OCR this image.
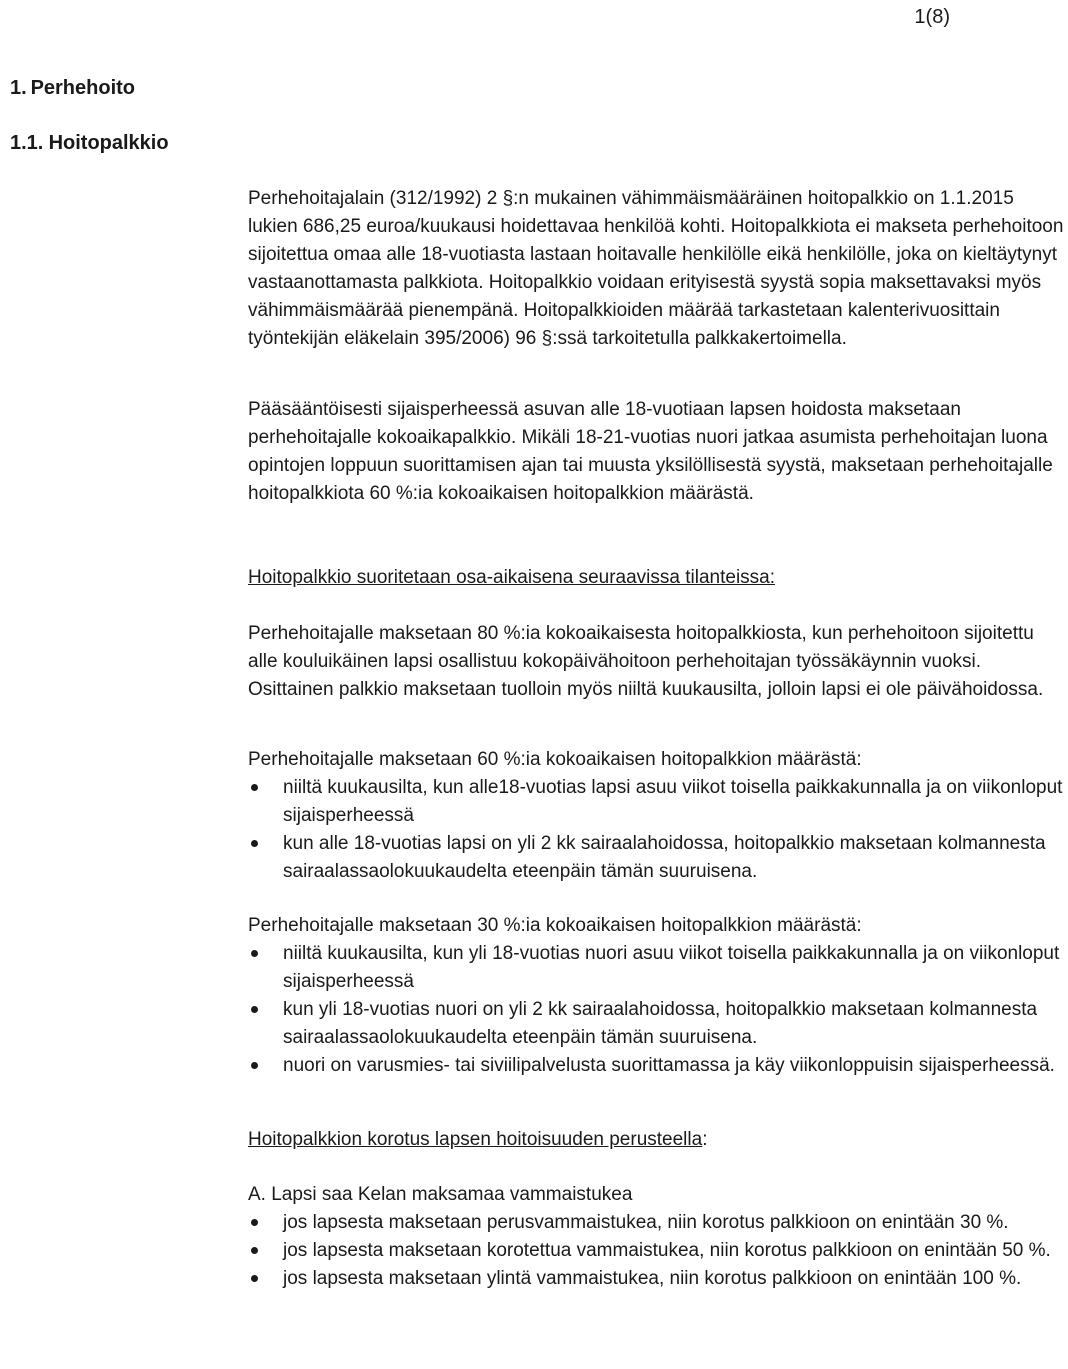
1(8)
1. Perhehoito
1.1. Hoitopalkkio
Perhehoitajalain (312/1992) 2 §:n mukainen vähimmäismääräinen hoitopalkkio on 1.1.2015 lukien 686,25 euroa/kuukausi hoidettavaa henkilöä kohti. Hoitopalkkiota ei makseta perhehoitoon sijoitettua omaa alle 18-vuotiasta lastaan hoitavalle henkilölle eikä henkilölle, joka on kieltäytynyt vastaanottamasta palkkiota. Hoitopalkkio voidaan erityisestä syystä sopia maksettavaksi myös vähimmäismäärää pienempänä. Hoitopalkkioiden määrää tarkastetaan kalenterivuosittain työntekijän eläkelain 395/2006) 96 §:ssä tarkoitetulla palkkakertoimella.
Pääsääntöisesti sijaisperheessä asuvan alle 18-vuotiaan lapsen hoidosta maksetaan perhehoitajalle kokoaikapalkkio. Mikäli 18-21-vuotias nuori jatkaa asumista perhehoitajan luona opintojen loppuun suorittamisen ajan tai muusta yksilöllisestä syystä, maksetaan perhehoitajalle hoitopalkkiota 60 %:ia kokoaikaisen hoitopalkkion määrästä.
Hoitopalkkio suoritetaan osa-aikaisena seuraavissa tilanteissa:
Perhehoitajalle maksetaan 80 %:ia kokoaikaisesta hoitopalkkiosta, kun perhehoitoon sijoitettu alle kouluikäinen lapsi osallistuu kokopäivähoitoon perhehoitajan työssäkäynnin vuoksi. Osittainen palkkio maksetaan tuolloin myös niiltä kuukausilta, jolloin lapsi ei ole päivähoidossa.
Perhehoitajalle maksetaan 60 %:ia kokoaikaisen hoitopalkkion määrästä:
niiltä kuukausilta, kun alle18-vuotias lapsi asuu viikot toisella paikkakunnalla ja on viikonloput sijaisperheessä
kun alle 18-vuotias lapsi on yli 2 kk sairaalahoidossa, hoitopalkkio maksetaan kolmannesta sairaalassaolokuukaudelta eteenpäin tämän suuruisena.
Perhehoitajalle maksetaan 30 %:ia kokoaikaisen hoitopalkkion määrästä:
niiltä kuukausilta, kun yli 18-vuotias nuori asuu viikot toisella paikkakunnalla ja on viikonloput sijaisperheessä
kun yli 18-vuotias nuori on yli 2 kk sairaalahoidossa, hoitopalkkio maksetaan kolmannesta sairaalassaolokuukaudelta eteenpäin tämän suuruisena.
nuori on varusmies- tai siviilipalvelusta suorittamassa ja käy viikonloppuisin sijaisperheessä.
Hoitopalkkion korotus lapsen hoitoisuuden perusteella:
A. Lapsi saa Kelan maksamaa vammaistukea
jos lapsesta maksetaan perusvammaistukea, niin korotus palkkioon on enintään 30 %.
jos lapsesta maksetaan korotettua vammaistukea, niin korotus palkkioon on enintään 50 %.
jos lapsesta maksetaan ylintä vammaistukea, niin korotus palkkioon on enintään 100 %.
